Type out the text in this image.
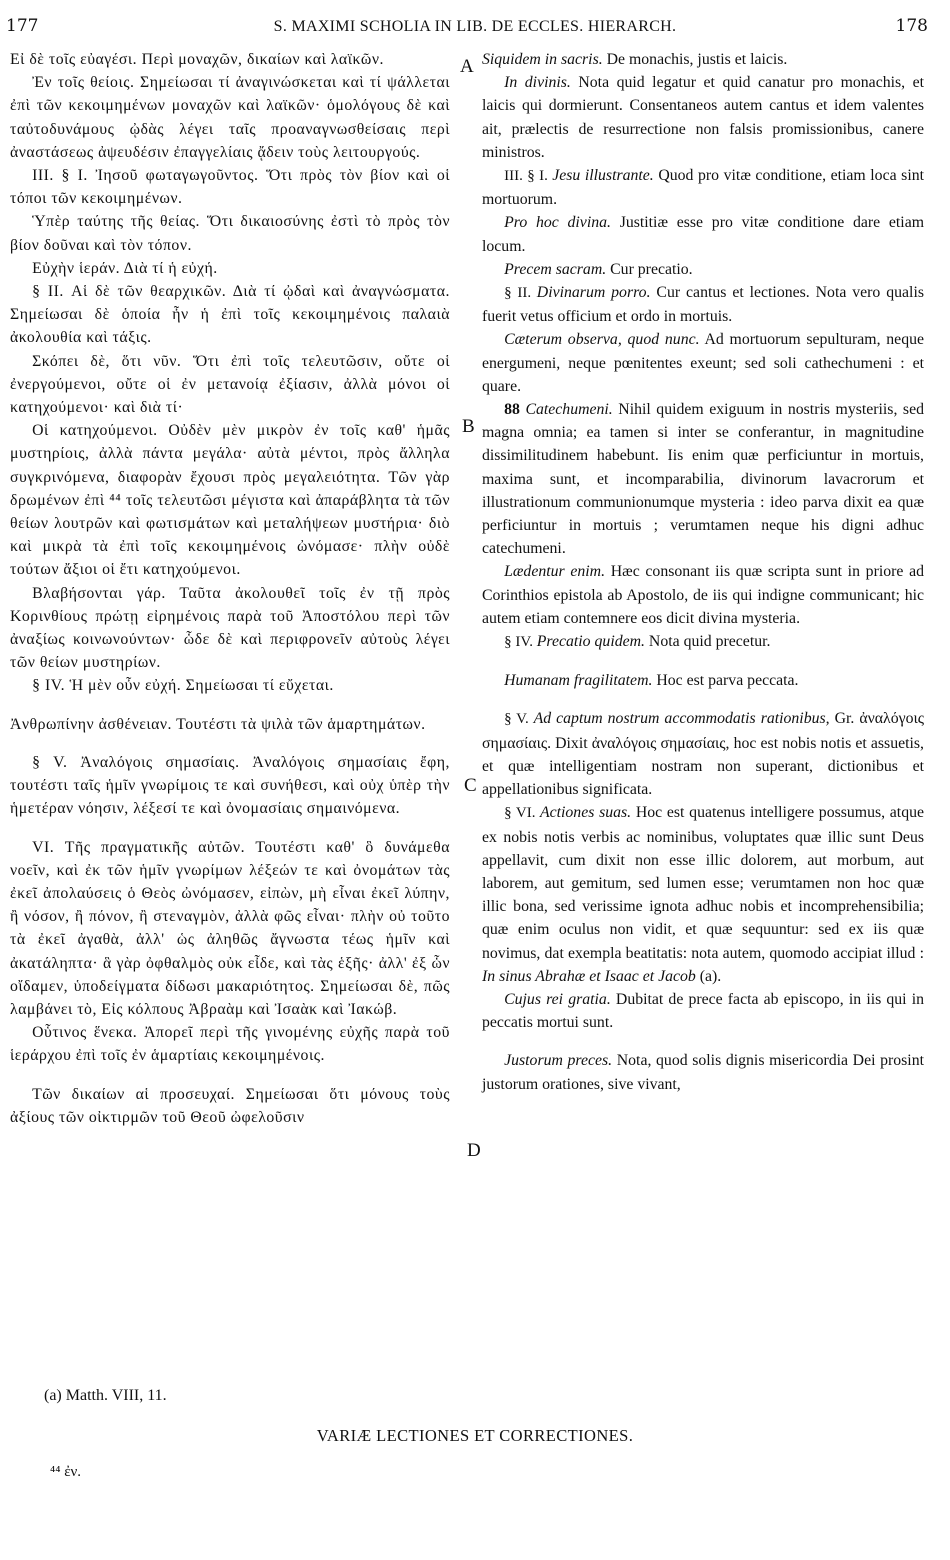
177	S. MAXIMI SCHOLIA IN LIB. DE ECCLES. HIERARCH.	178
A
B
C
D

Εἰ δὲ τοῖς εὐαγέσι. Περὶ μοναχῶν, δικαίων καὶ λαϊκῶν.

Ἐν τοῖς θείοις. Σημείωσαι τί ἀναγινώσκεται καὶ τί ψάλλεται ἐπὶ τῶν κεκοιμημένων μοναχῶν καὶ λαϊκῶν· ὁμολόγους δὲ καὶ ταὐτοδυνάμους ᾠδὰς λέγει ταῖς προαναγνωσθείσαις περὶ ἀναστάσεως ἀψευδέσιν ἐπαγγελίαις ᾄδειν τοὺς λειτουργούς.

III. § I. Ἰησοῦ φωταγωγοῦντος. Ὅτι πρὸς τὸν βίον καὶ οἱ τόποι τῶν κεκοιμημένων.

Ὑπὲρ ταύτης τῆς θείας. Ὅτι δικαιοσύνης ἐστὶ τὸ πρὸς τὸν βίον δοῦναι καὶ τὸν τόπον.

Εὐχὴν ἱεράν. Διὰ τί ἡ εὐχή.

§ II. Αἱ δὲ τῶν θεαρχικῶν. Διὰ τί ᾠδαὶ καὶ ἀναγνώσματα. Σημείωσαι δὲ ὁποία ἦν ἡ ἐπὶ τοῖς κεκοιμημένοις παλαιὰ ἀκολουθία καὶ τάξις.

Σκόπει δὲ, ὅτι νῦν. Ὅτι ἐπὶ τοῖς τελευτῶσιν, οὔτε οἱ ἐνεργούμενοι, οὔτε οἱ ἐν μετανοίᾳ ἐξίασιν, ἀλλὰ μόνοι οἱ κατηχούμενοι· καὶ διὰ τί·

Οἱ κατηχούμενοι. Οὐδὲν μὲν μικρὸν ἐν τοῖς καθ' ἡμᾶς μυστηρίοις, ἀλλὰ πάντα μεγάλα· αὐτὰ μέντοι, πρὸς ἄλληλα συγκρινόμενα, διαφορὰν ἔχουσι πρὸς μεγαλειότητα. Τῶν γὰρ δρωμένων ἐπὶ ⁴⁴ τοῖς τελευτῶσι μέγιστα καὶ ἀπαράβλητα τὰ τῶν θείων λουτρῶν καὶ φωτισμάτων καὶ μεταλήψεων μυστήρια· διὸ καὶ μικρὰ τὰ ἐπὶ τοῖς κεκοιμημένοις ὠνόμασε· πλὴν οὐδὲ τούτων ἄξιοι οἱ ἔτι κατηχούμενοι.

Βλαβήσονται γάρ. Ταῦτα ἀκολουθεῖ τοῖς ἐν τῇ πρὸς Κορινθίους πρώτῃ εἰρημένοις παρὰ τοῦ Ἀποστόλου περὶ τῶν ἀναξίως κοινωνούντων· ὧδε δὲ καὶ περιφρονεῖν αὐτοὺς λέγει τῶν θείων μυστηρίων.

§ IV. Ἡ μὲν οὖν εὐχή. Σημείωσαι τί εὔχεται.

Ἀνθρωπίνην ἀσθένειαν. Τουτέστι τὰ ψιλὰ τῶν ἁμαρτημάτων.

§ V. Ἀναλόγοις σημασίαις. Ἀναλόγοις σημασίαις ἔφη, τουτέστι ταῖς ἡμῖν γνωρίμοις τε καὶ συνήθεσι, καὶ οὐχ ὑπὲρ τὴν ἡμετέραν νόησιν, λέξεσί τε καὶ ὀνομασίαις σημαινόμενα.

VI. Τῆς πραγματικῆς αὐτῶν. Τουτέστι καθ' ὃ δυνάμεθα νοεῖν, καὶ ἐκ τῶν ἡμῖν γνωρίμων λέξεών τε καὶ ὀνομάτων τὰς ἐκεῖ ἀπολαύσεις ὁ Θεὸς ὠνόμασεν, εἰπὼν, μὴ εἶναι ἐκεῖ λύπην, ἢ νόσον, ἢ πόνον, ἢ στεναγμὸν, ἀλλὰ φῶς εἶναι· πλὴν οὐ τοῦτο τὰ ἐκεῖ ἀγαθὰ, ἀλλ' ὡς ἀληθῶς ἄγνωστα τέως ἡμῖν καὶ ἀκατάληπτα· ἃ γὰρ ὀφθαλμὸς οὐκ εἶδε, καὶ τὰς ἑξῆς· ἀλλ' ἐξ ὧν οἴδαμεν, ὑποδείγματα δίδωσι μακαριότητος. Σημείωσαι δὲ, πῶς λαμβάνει τὸ, Εἰς κόλπους Ἀβραὰμ καὶ Ἰσαὰκ καὶ Ἰακώβ.

Οὗτινος ἕνεκα. Ἀπορεῖ περὶ τῆς γινομένης εὐχῆς παρὰ τοῦ ἱεράρχου ἐπὶ τοῖς ἐν ἁμαρτίαις κεκοιμημένοις.

Τῶν δικαίων αἱ προσευχαί. Σημείωσαι ὅτι μόνους τοὺς ἀξίους τῶν οἰκτιρμῶν τοῦ Θεοῦ ὠφελοῦσιν

Siquidem in sacris. De monachis, justis et laicis.

In divinis. Nota quid legatur et quid canatur pro monachis, et laicis qui dormierunt. Consentaneos autem cantus et idem valentes ait, prælectis de resurrectione non falsis promissionibus, canere ministros.

III. § I. Jesu illustrante. Quod pro vitæ conditione, etiam loca sint mortuorum.

Pro hoc divina. Justitiæ esse pro vitæ conditione dare etiam locum.

Precem sacram. Cur precatio.

§ II. Divinarum porro. Cur cantus et lectiones. Nota vero qualis fuerit vetus officium et ordo in mortuis.

Cæterum observa, quod nunc. Ad mortuorum sepulturam, neque energumeni, neque pœnitentes exeunt; sed soli cathechumeni : et quare.

88 Catechumeni. Nihil quidem exiguum in nostris mysteriis, sed magna omnia; ea tamen si inter se conferantur, in magnitudine dissimilitudinem habebunt. Iis enim quæ perficiuntur in mortuis, maxima sunt, et incomparabilia, divinorum lavacrorum et illustrationum communionumque mysteria : ideo parva dixit ea quæ perficiuntur in mortuis ; verumtamen neque his digni adhuc catechumeni.

Lædentur enim. Hæc consonant iis quæ scripta sunt in priore ad Corinthios epistola ab Apostolo, de iis qui indigne communicant; hic autem etiam contemnere eos dicit divina mysteria.

§ IV. Precatio quidem. Nota quid precetur.

Humanam fragilitatem. Hoc est parva peccata.

§ V. Ad captum nostrum accommodatis rationibus, Gr. ἀναλόγοις σημασίαις. Dixit ἀναλόγοις σημασίαις, hoc est nobis notis et assuetis, et quæ intelligentiam nostram non superant, dictionibus et appellationibus significata.

§ VI. Actiones suas. Hoc est quatenus intelligere possumus, atque ex nobis notis verbis ac nominibus, voluptates quæ illic sunt Deus appellavit, cum dixit non esse illic dolorem, aut morbum, aut laborem, aut gemitum, sed lumen esse; verumtamen non hoc quæ illic bona, sed verissime ignota adhuc nobis et incomprehensibilia; quæ enim oculus non vidit, et quæ sequuntur: sed ex iis quæ novimus, dat exempla beatitatis: nota autem, quomodo accipiat illud : In sinus Abrahæ et Isaac et Jacob (a).

Cujus rei gratia. Dubitat de prece facta ab episcopo, in iis qui in peccatis mortui sunt.

Justorum preces. Nota, quod solis dignis misericordia Dei prosint justorum orationes, sive vivant,

(a) Matth. VIII, 11.
VARIÆ LECTIONES ET CORRECTIONES.
⁴⁴ ἐν.
